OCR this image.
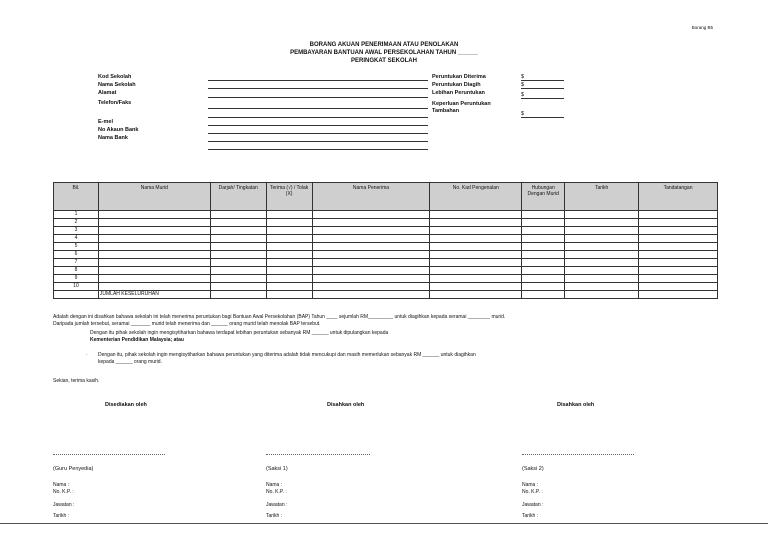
Borang B5
BORANG AKUAN PENERIMAAN ATAU PENOLAKAN
PEMBAYARAN BANTUAN AWAL PERSEKOLAHAN TAHUN ______
PERINGKAT SEKOLAH
Kod Sekolah
Nama Sekolah
Alamat
Telefon/Faks
E-mel
No Akaun Bank
Nama Bank
Peruntukan Diterima	$
Peruntukan Diagih	$
Lebihan Peruntukan	$
Keperluan Peruntukan
Tambahan	$
Bil.	Nama Murid	Darjah/ Tingkatan	Terima (√) / Tolak (X)	Nama Penerima	No. Kad Pengenalan	Hubungan Dengan Murid	Tarikh	Tandatangan
1								
2								
3								
4								
5								
6								
7								
8								
9								
10								
	JUMLAH KESELURUHAN							
Adalah dengan ini disahkan bahawa sekolah ini telah menerima peruntukan bagi Bantuan Awal Persekolahan (BAP) Tahun ____ sejumlah RM_________ untuk diagihkan kepada seramai ________ murid.
Daripada jumlah tersebut, seramai _______ murid telah menerima dan ______ orang murid telah menolak BAP tersebut.
Dengan itu pihak sekolah ingin mengisytiharkan bahawa terdapat lebihan peruntukan sebanyak RM ______ untuk dipulangkan kepada
Kementerian Pendidikan Malaysia; atau
· Dengan itu, pihak sekolah ingin mengisytiharkan bahawa peruntukan yang diterima adalah tidak mencukupi dan masih memerlukan sebanyak RM ______ untuk diagihkan
kepada ______ orang murid.
Sekian, terima kasih.
Disediakan oleh	Disahkan oleh	Disahkan oleh
(Guru Penyedia)	(Saksi 1)	(Saksi 2)
Nama :
No. K.P. :
Jawatan :
Tarikh :
Nama :
No. K.P. :
Jawatan :
Tarikh :
Nama :
No. K.P. :
Jawatan :
Tarikh :
